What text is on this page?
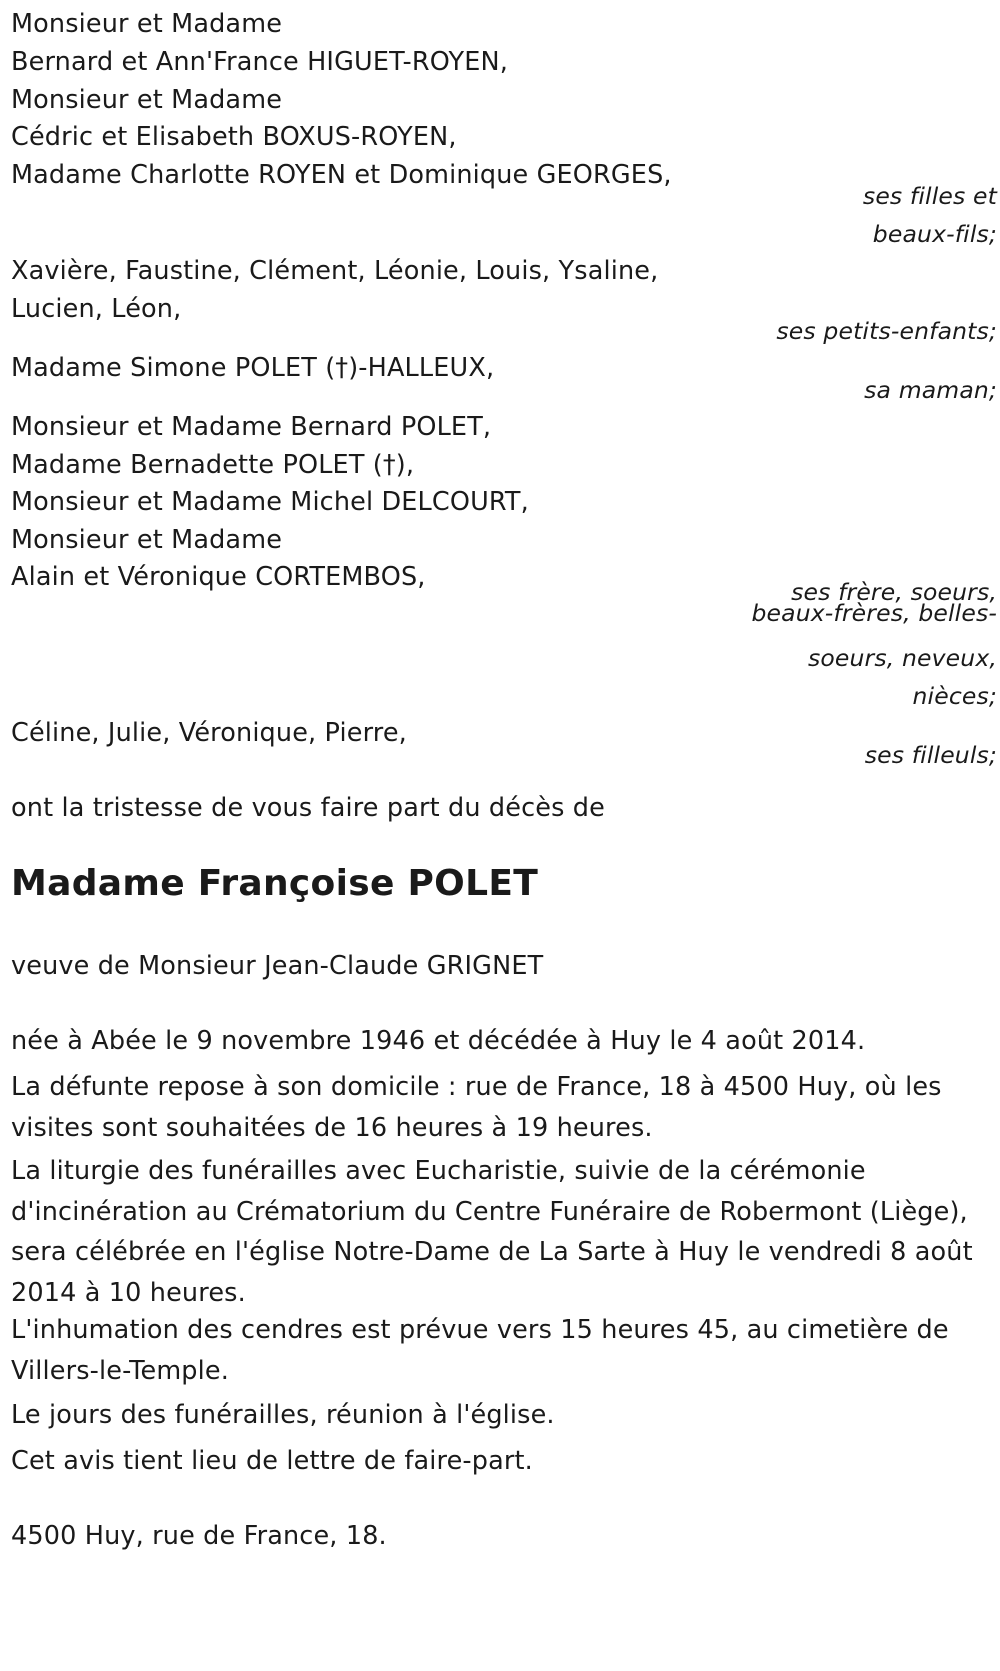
Monsieur et Madame
Bernard et Ann'France HIGUET-ROYEN,
Monsieur et Madame
Cédric et Elisabeth BOXUS-ROYEN,
Madame Charlotte ROYEN et Dominique GEORGES,
ses filles et
beaux-fils;
Xavière, Faustine, Clément, Léonie, Louis, Ysaline,
Lucien, Léon,
ses petits-enfants;
Madame Simone POLET (†)-HALLEUX,
sa maman;
Monsieur et Madame Bernard POLET,
Madame Bernadette POLET (†),
Monsieur et Madame Michel DELCOURT,
Monsieur et Madame
Alain et Véronique CORTEMBOS,	ses frère, soeurs,
beaux-frères, belles-
soeurs, neveux,
nièces;
Céline, Julie, Véronique, Pierre,
ses filleuls;
ont la tristesse de vous faire part du décès de
Madame Françoise POLET
veuve de Monsieur Jean-Claude GRIGNET
née à Abée le 9 novembre 1946 et décédée à Huy le 4 août 2014.
La défunte repose à son domicile : rue de France, 18 à 4500 Huy, où les visites sont souhaitées de 16 heures à 19 heures.
La liturgie des funérailles avec Eucharistie, suivie de la cérémonie d'incinération au Crématorium du Centre Funéraire de Robermont (Liège), sera célébrée en l'église Notre-Dame de La Sarte à Huy le vendredi 8 août 2014 à 10 heures.
L'inhumation des cendres est prévue vers 15 heures 45, au cimetière de Villers-le-Temple.
Le jours des funérailles, réunion à l'église.
Cet avis tient lieu de lettre de faire-part.
4500 Huy, rue de France, 18.
